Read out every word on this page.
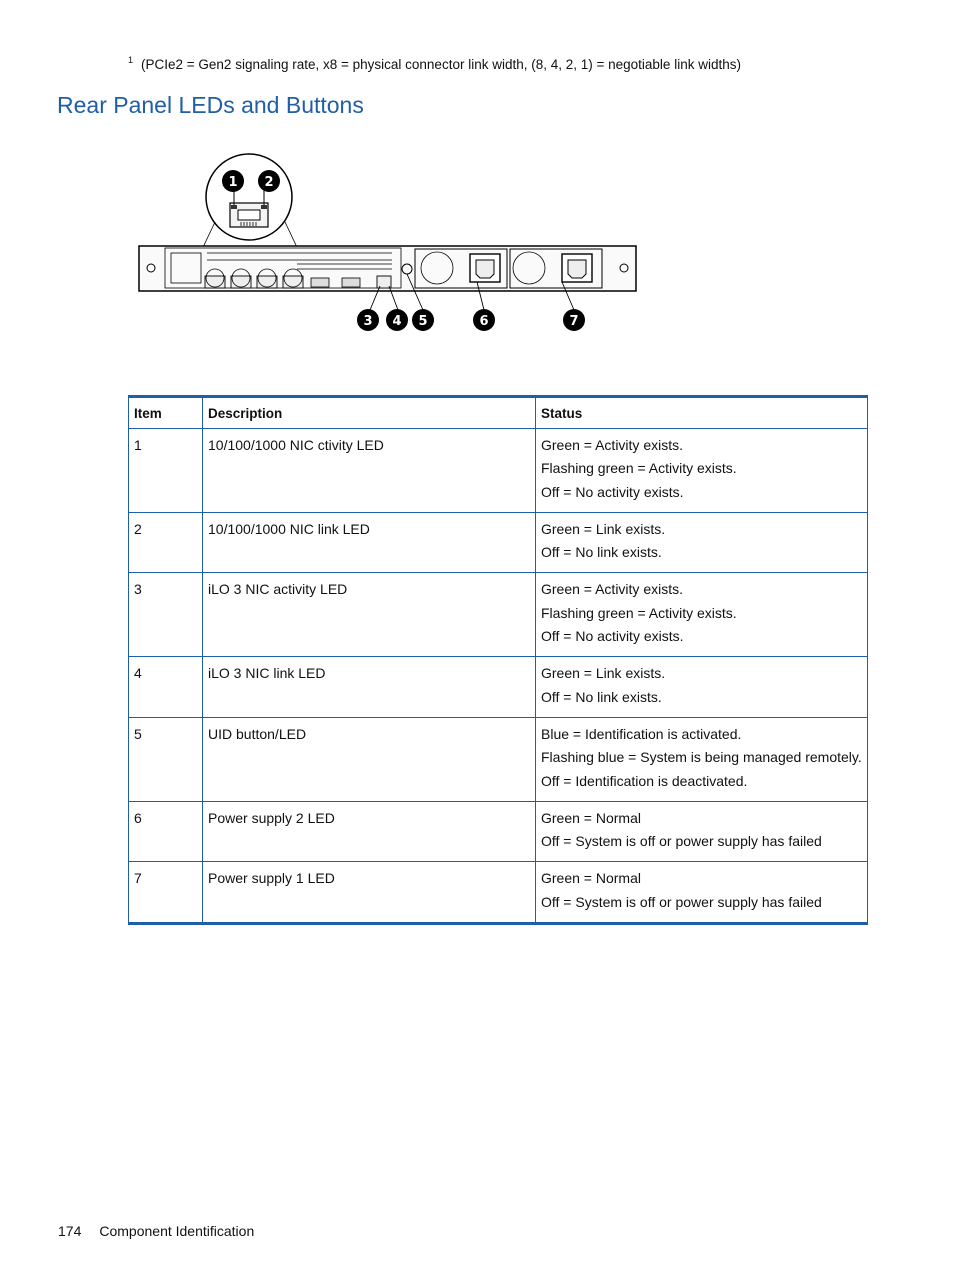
$^1$ (PCIe2 = Gen2 signaling rate, x8 = physical connector link width, (8, 4, 2, 1) = negotiable link widths)
Rear Panel LEDs and Buttons
1 2
3 4 5	6	7
Item	Description	Status
1	10/100/1000 NIC ctivity LED	Green = Activity exists.
Flashing green = Activity exists.
Off = No activity exists.

2	10/100/1000 NIC link LED	Green = Link exists.
Off = No link exists.

3	iLO 3 NIC activity LED	Green = Activity exists.
Flashing green = Activity exists.
Off = No activity exists.

4	iLO 3 NIC link LED	Green = Link exists.
Off = No link exists.

5	UID button/LED	Blue = Identification is activated.
Flashing blue = System is being managed remotely.
Off = Identification is deactivated.

6	Power supply 2 LED	Green = Normal
Off = System is off or power supply has failed

7	Power supply 1 LED	Green = Normal
Off = System is off or power supply has failed
174 Component Identification
